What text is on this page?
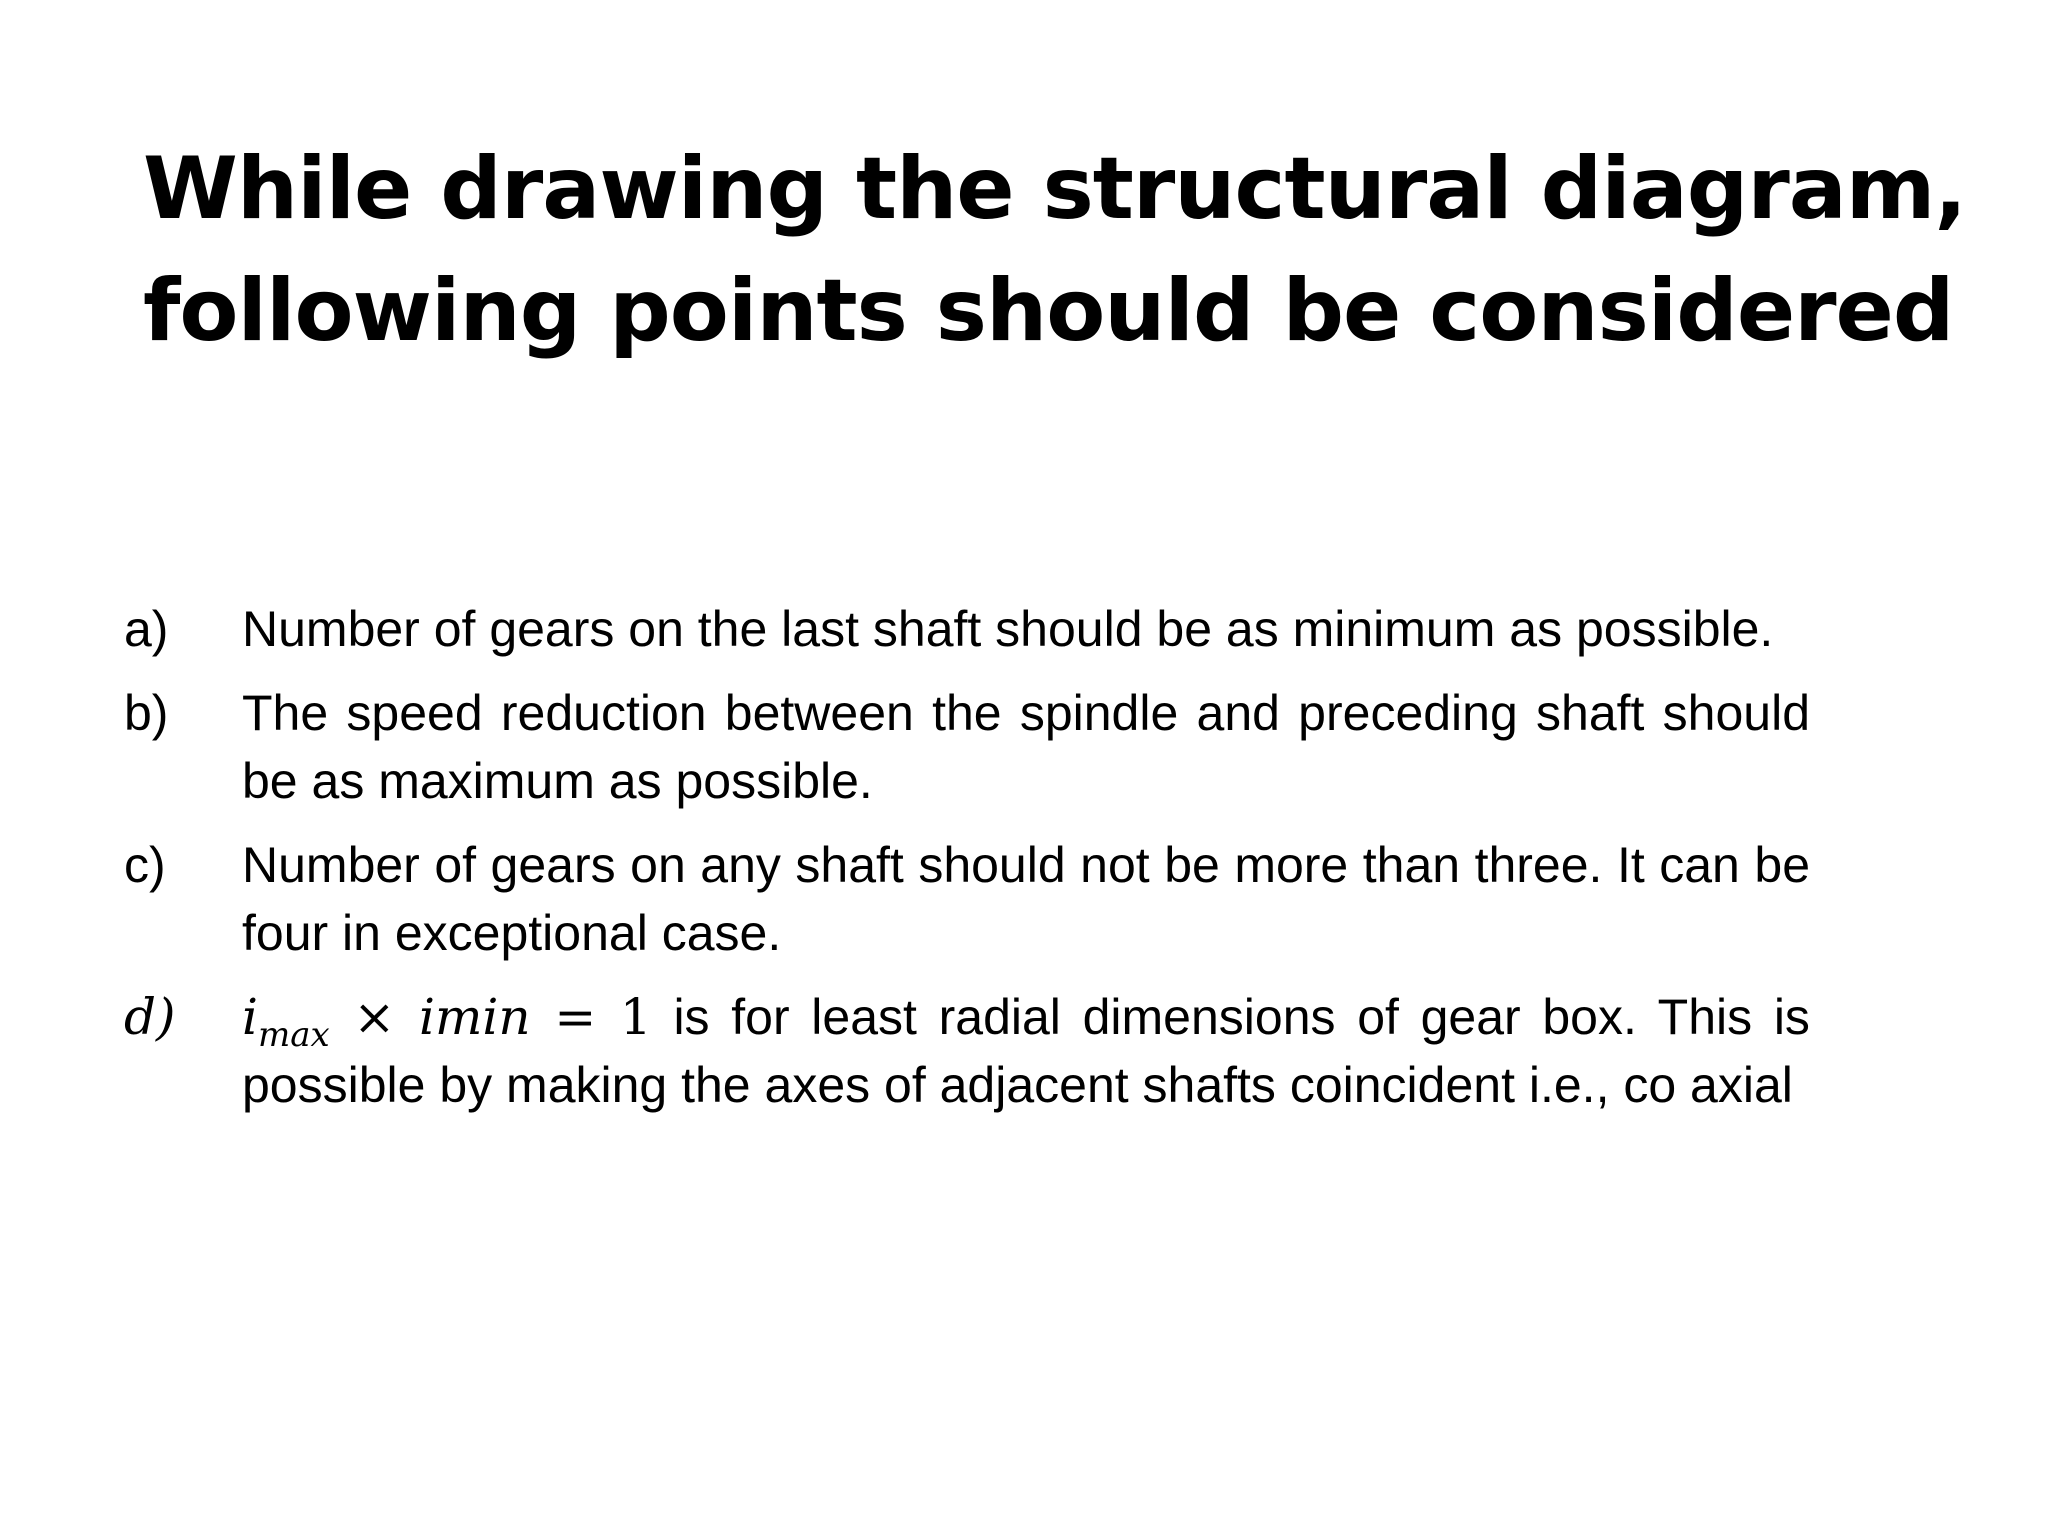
While drawing the structural diagram,
following points should be considered
a)	Number of gears on the last shaft should be as minimum as possible.
b)	The speed reduction between the spindle and preceding shaft should be as maximum as possible.
c)	Number of gears on any shaft should not be more than three. It can be four in exceptional case.
d)	$i_{max} \times imin = 1$ is for least radial dimensions of gear box. This is possible by making the axes of adjacent shafts coincident i.e., co axial
